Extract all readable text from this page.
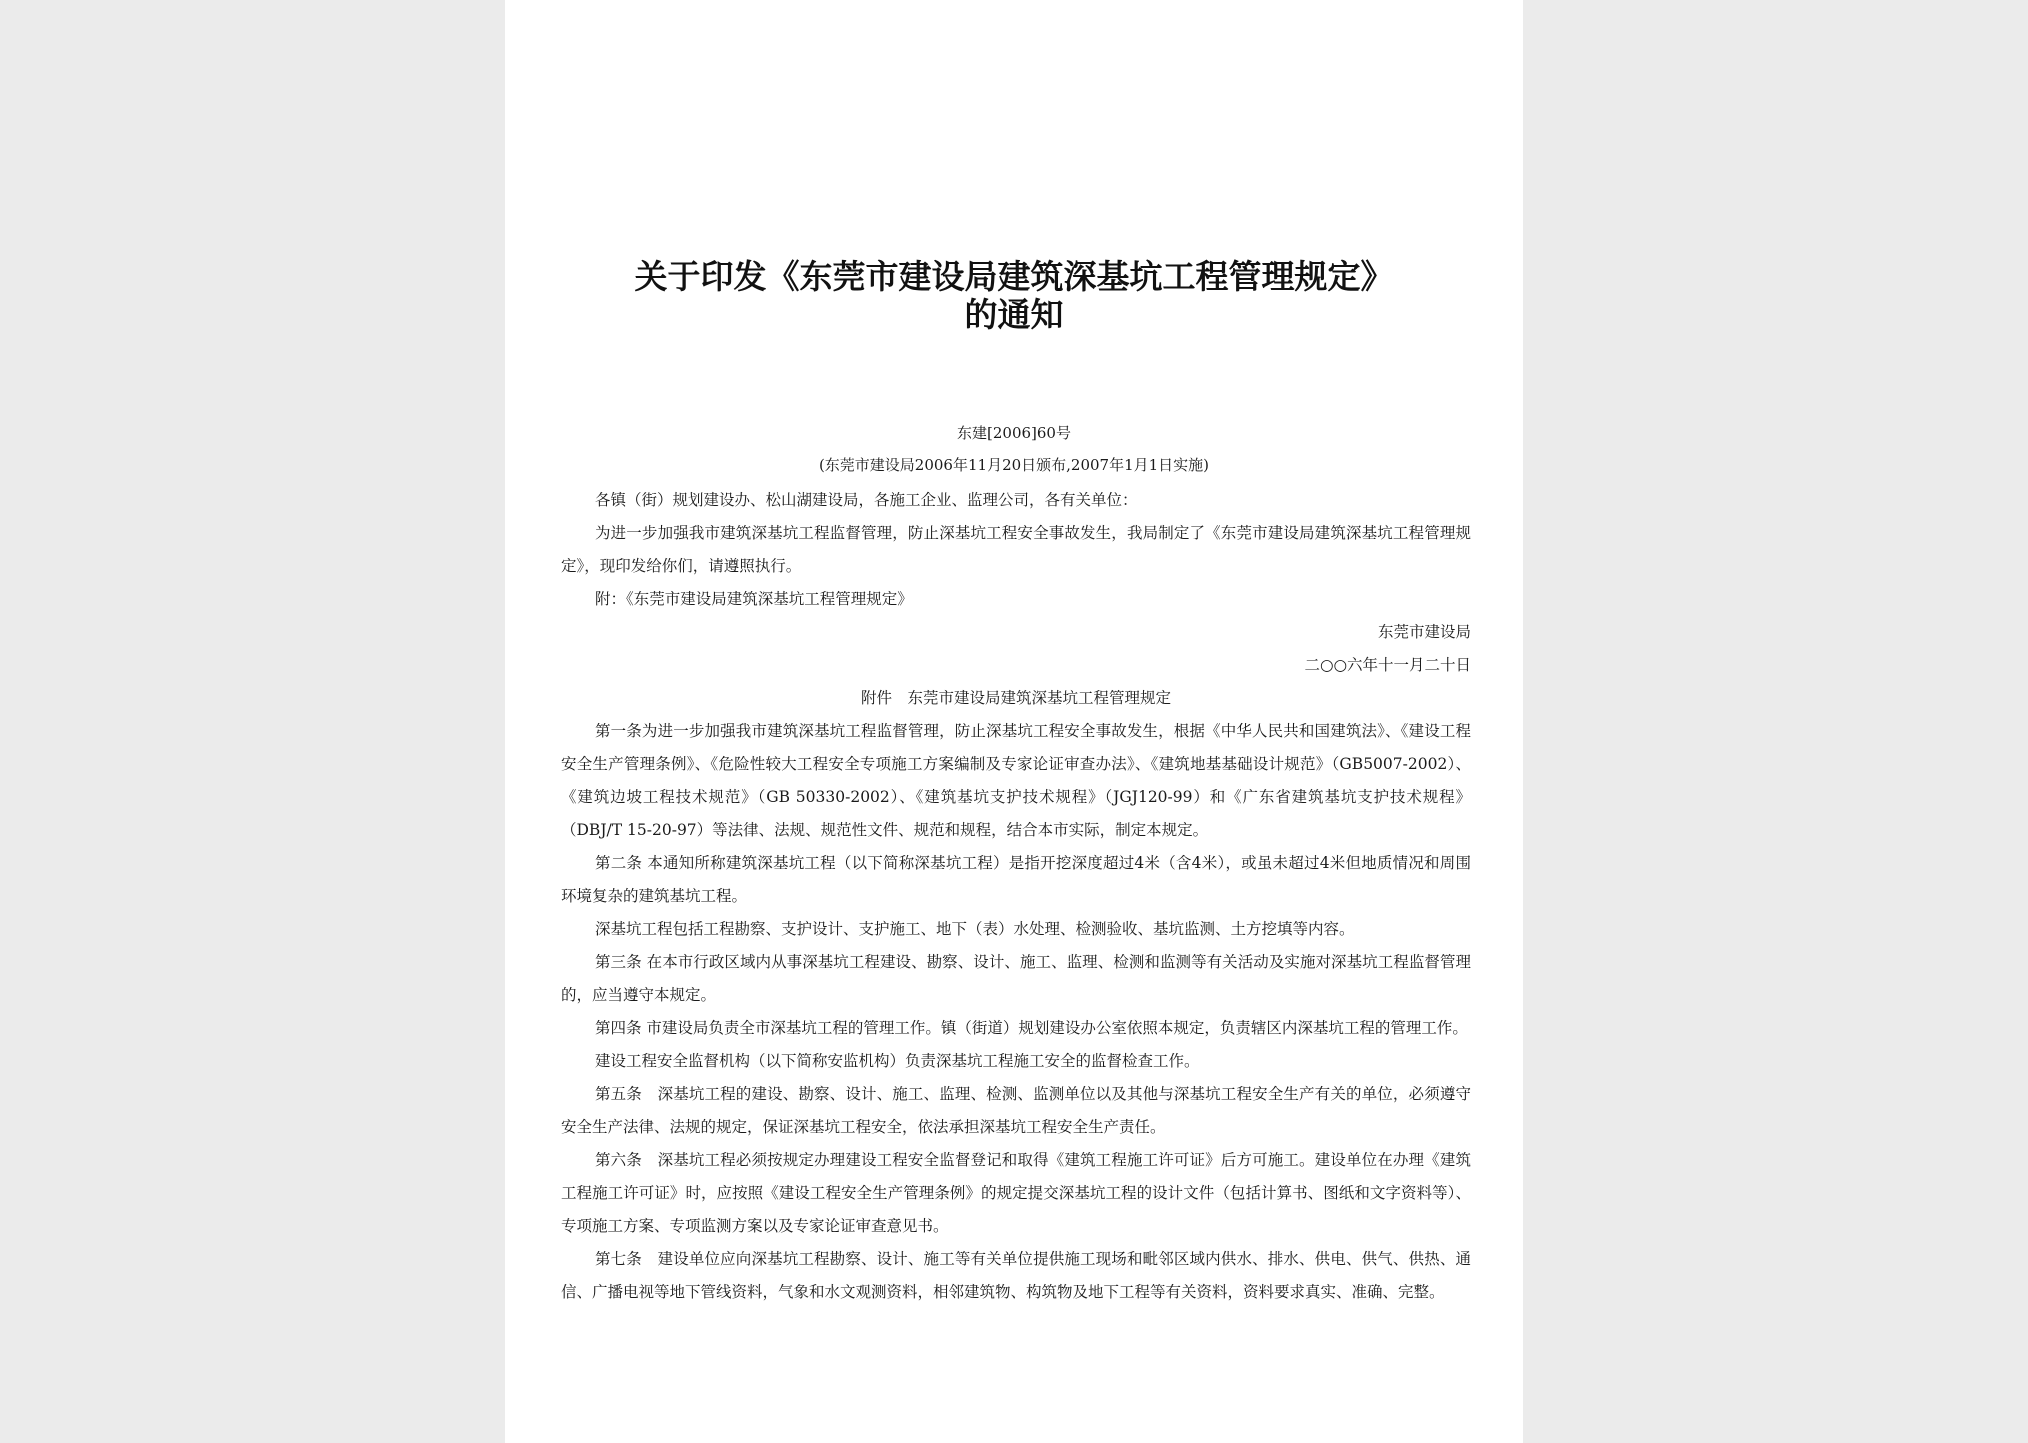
关于印发《东莞市建设局建筑深基坑工程管理规定》
的通知
东建[2006]60号
(东莞市建设局2006年11月20日颁布,2007年1月1日实施)

各镇（街）规划建设办、松山湖建设局，各施工企业、监理公司，各有关单位：

为进一步加强我市建筑深基坑工程监督管理，防止深基坑工程安全事故发生，我局制定了《东莞市建设局建筑深基坑工程管理规定》，现印发给你们，请遵照执行。

附：《东莞市建设局建筑深基坑工程管理规定》

东莞市建设局

二○○六年十一月二十日

附件　东莞市建设局建筑深基坑工程管理规定

第一条为进一步加强我市建筑深基坑工程监督管理，防止深基坑工程安全事故发生，根据《中华人民共和国建筑法》、《建设工程安全生产管理条例》、《危险性较大工程安全专项施工方案编制及专家论证审查办法》、《建筑地基基础设计规范》（GB5007-2002）、《建筑边坡工程技术规范》（GB 50330-2002）、《建筑基坑支护技术规程》（JGJ120-99）和《广东省建筑基坑支护技术规程》（DBJ/T 15-20-97）等法律、法规、规范性文件、规范和规程，结合本市实际，制定本规定。

第二条 本通知所称建筑深基坑工程（以下简称深基坑工程）是指开挖深度超过4米（含4米），或虽未超过4米但地质情况和周围环境复杂的建筑基坑工程。

深基坑工程包括工程勘察、支护设计、支护施工、地下（表）水处理、检测验收、基坑监测、土方挖填等内容。

第三条 在本市行政区域内从事深基坑工程建设、勘察、设计、施工、监理、检测和监测等有关活动及实施对深基坑工程监督管理的，应当遵守本规定。

第四条 市建设局负责全市深基坑工程的管理工作。镇（街道）规划建设办公室依照本规定，负责辖区内深基坑工程的管理工作。

建设工程安全监督机构（以下简称安监机构）负责深基坑工程施工安全的监督检查工作。

第五条　深基坑工程的建设、勘察、设计、施工、监理、检测、监测单位以及其他与深基坑工程安全生产有关的单位，必须遵守安全生产法律、法规的规定，保证深基坑工程安全，依法承担深基坑工程安全生产责任。

第六条　深基坑工程必须按规定办理建设工程安全监督登记和取得《建筑工程施工许可证》后方可施工。建设单位在办理《建筑工程施工许可证》时，应按照《建设工程安全生产管理条例》的规定提交深基坑工程的设计文件（包括计算书、图纸和文字资料等）、专项施工方案、专项监测方案以及专家论证审查意见书。

第七条　建设单位应向深基坑工程勘察、设计、施工等有关单位提供施工现场和毗邻区域内供水、排水、供电、供气、供热、通信、广播电视等地下管线资料，气象和水文观测资料，相邻建筑物、构筑物及地下工程等有关资料，资料要求真实、准确、完整。
